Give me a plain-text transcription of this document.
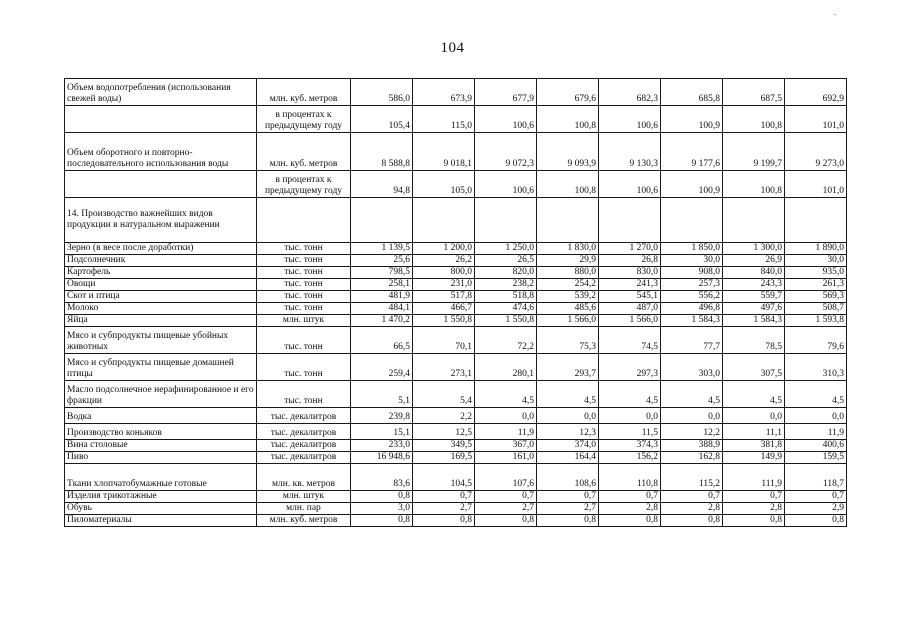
104
Объем водопотребления (использования свежей воды)	млн. куб. метров	586,0	673,9	677,9	679,6	682,3	685,8	687,5	692,9
	в процентах к предыдущему году	105,4	115,0	100,6	100,8	100,6	100,9	100,8	101,0
Объем оборотного и повторно-последовательного использования воды	млн. куб. метров	8 588,8	9 018,1	9 072,3	9 093,9	9 130,3	9 177,6	9 199,7	9 273,0
	в процентах к предыдущему году	94,8	105,0	100,6	100,8	100,6	100,9	100,8	101,0
14. Производство важнейших видов продукции в натуральном выражении									
Зерно (в весе после доработки)	тыс. тонн	1 139,5	1 200,0	1 250,0	1 830,0	1 270,0	1 850,0	1 300,0	1 890,0
Подсолнечник	тыс. тонн	25,6	26,2	26,5	29,9	26,8	30,0	26,9	30,0
Картофель	тыс. тонн	798,5	800,0	820,0	880,0	830,0	908,0	840,0	935,0
Овощи	тыс. тонн	258,1	231,0	238,2	254,2	241,3	257,3	243,3	261,3
Скот и птица	тыс. тонн	481,9	517,8	518,8	539,2	545,1	556,2	559,7	569,3
Молоко	тыс. тонн	484,1	466,7	474,6	485,6	487,0	496,8	497,6	508,7
Яйца	млн. штук	1 470,2	1 550,8	1 550,8	1 566,0	1 566,0	1 584,3	1 584,3	1 593,8
Мясо и субпродукты пищевые убойных животных	тыс. тонн	66,5	70,1	72,2	75,3	74,5	77,7	78,5	79,6
Мясо и субпродукты пищевые домашней птицы	тыс. тонн	259,4	273,1	280,1	293,7	297,3	303,0	307,5	310,3
Масло подсолнечное нерафинированное и его фракции	тыс. тонн	5,1	5,4	4,5	4,5	4,5	4,5	4,5	4,5
Водка	тыс. декалитров	239,8	2,2	0,0	0,0	0,0	0,0	0,0	0,0
Производство коньяков	тыс. декалитров	15,1	12,5	11,9	12,3	11,5	12,2	11,1	11,9
Вина столовые	тыс. декалитров	233,0	349,5	367,0	374,0	374,3	388,9	381,8	400,6
Пиво	тыс. декалитров	16 948,6	169,5	161,0	164,4	156,2	162,8	149,9	159,5
Ткани хлопчатобумажные готовые	млн. кв. метров	83,6	104,5	107,6	108,6	110,8	115,2	111,9	118,7
Изделия трикотажные	млн. штук	0,8	0,7	0,7	0,7	0,7	0,7	0,7	0,7
Обувь	млн. пар	3,0	2,7	2,7	2,7	2,8	2,8	2,8	2,9
Пиломатериалы	млн. куб. метров	0,8	0,8	0,8	0,8	0,8	0,8	0,8	0,8
